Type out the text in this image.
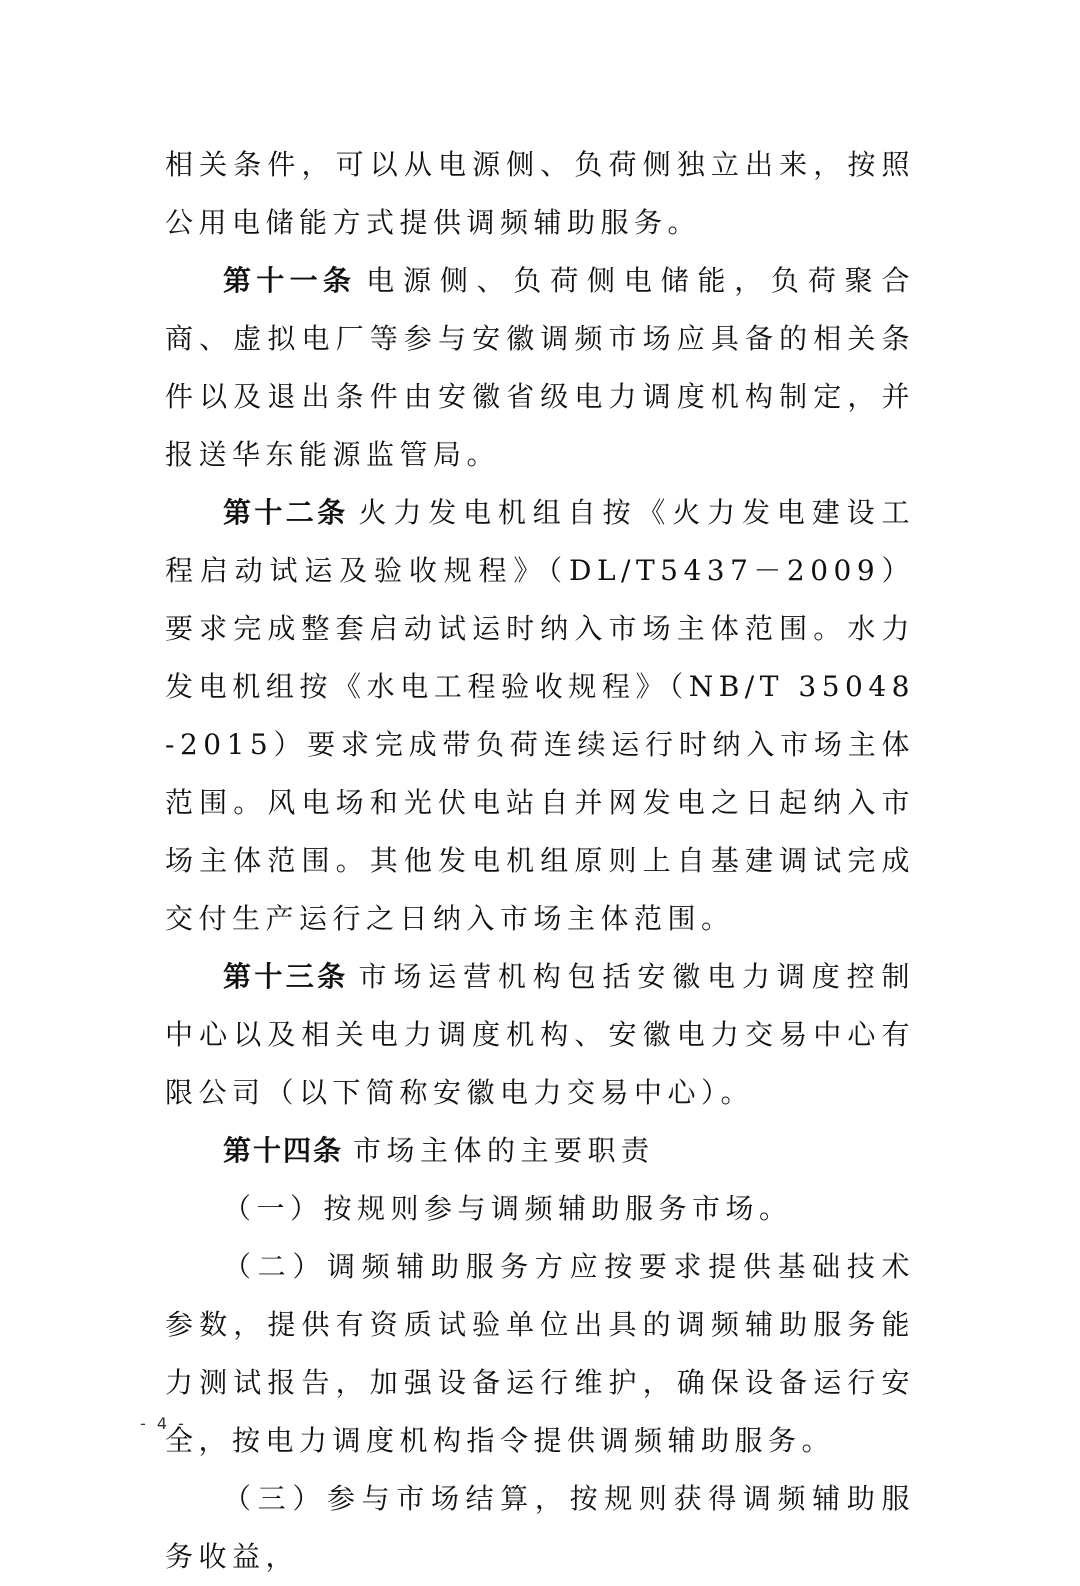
相关条件，可以从电源侧、负荷侧独立出来，按照公用电储能方式提供调频辅助服务。

第十一条 电源侧、负荷侧电储能，负荷聚合商、虚拟电厂等参与安徽调频市场应具备的相关条件以及退出条件由安徽省级电力调度机构制定，并报送华东能源监管局。

第十二条 火力发电机组自按《火力发电建设工程启动试运及验收规程》（DL/T5437－2009）要求完成整套启动试运时纳入市场主体范围。水力发电机组按《水电工程验收规程》（NB/T 35048-2015）要求完成带负荷连续运行时纳入市场主体范围。风电场和光伏电站自并网发电之日起纳入市场主体范围。其他发电机组原则上自基建调试完成交付生产运行之日纳入市场主体范围。

第十三条 市场运营机构包括安徽电力调度控制中心以及相关电力调度机构、安徽电力交易中心有限公司（以下简称安徽电力交易中心）。

第十四条 市场主体的主要职责

（一）按规则参与调频辅助服务市场。

（二）调频辅助服务方应按要求提供基础技术参数，提供有资质试验单位出具的调频辅助服务能力测试报告，加强设备运行维护，确保设备运行安全，按电力调度机构指令提供调频辅助服务。

（三）参与市场结算，按规则获得调频辅助服务收益，

- 4 -
